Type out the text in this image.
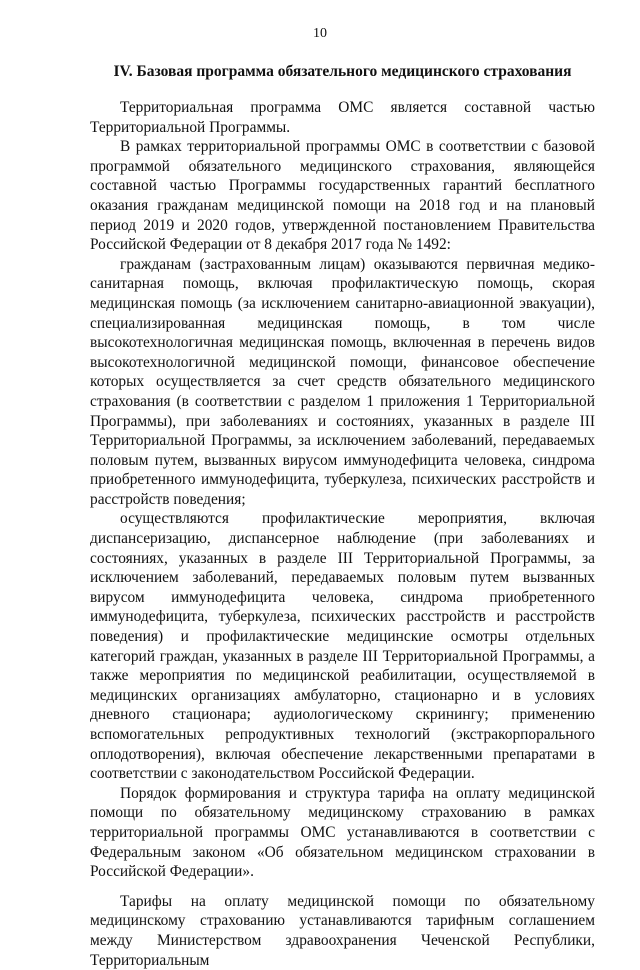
10
IV. Базовая программа обязательного медицинского страхования

Территориальная программа ОМС является составной частью Территориальной Программы.

В рамках территориальной программы ОМС в соответствии с базовой программой обязательного медицинского страхования, являющейся составной частью Программы государственных гарантий бесплатного оказания гражданам медицинской помощи на 2018 год и на плановый период 2019 и 2020 годов, утвержденной постановлением Правительства Российской Федерации от 8 декабря 2017 года № 1492:

гражданам (застрахованным лицам) оказываются первичная медико-санитарная помощь, включая профилактическую помощь, скорая медицинская помощь (за исключением санитарно-авиационной эвакуации), специализированная медицинская помощь, в том числе высокотехнологичная медицинская помощь, включенная в перечень видов высокотехнологичной медицинской помощи, финансовое обеспечение которых осуществляется за счет средств обязательного медицинского страхования (в соответствии с разделом 1 приложения 1 Территориальной Программы), при заболеваниях и состояниях, указанных в разделе III Территориальной Программы, за исключением заболеваний, передаваемых половым путем, вызванных вирусом иммунодефицита человека, синдрома приобретенного иммунодефицита, туберкулеза, психических расстройств и расстройств поведения;

осуществляются профилактические мероприятия, включая диспансеризацию, диспансерное наблюдение (при заболеваниях и состояниях, указанных в разделе III Территориальной Программы, за исключением заболеваний, передаваемых половым путем вызванных вирусом иммунодефицита человека, синдрома приобретенного иммунодефицита, туберкулеза, психических расстройств и расстройств поведения) и профилактические медицинские осмотры отдельных категорий граждан, указанных в разделе III Территориальной Программы, а также мероприятия по медицинской реабилитации, осуществляемой в медицинских организациях амбулаторно, стационарно и в условиях дневного стационара; аудиологическому скринингу; применению вспомогательных репродуктивных технологий (экстракорпорального оплодотворения), включая обеспечение лекарственными препаратами в соответствии с законодательством Российской Федерации.

Порядок формирования и структура тарифа на оплату медицинской помощи по обязательному медицинскому страхованию в рамках территориальной программы ОМС устанавливаются в соответствии с Федеральным законом «Об обязательном медицинском страховании в Российской Федерации».

Тарифы на оплату медицинской помощи по обязательному медицинскому страхованию устанавливаются тарифным соглашением между Министерством здравоохранения Чеченской Республики, Территориальным
